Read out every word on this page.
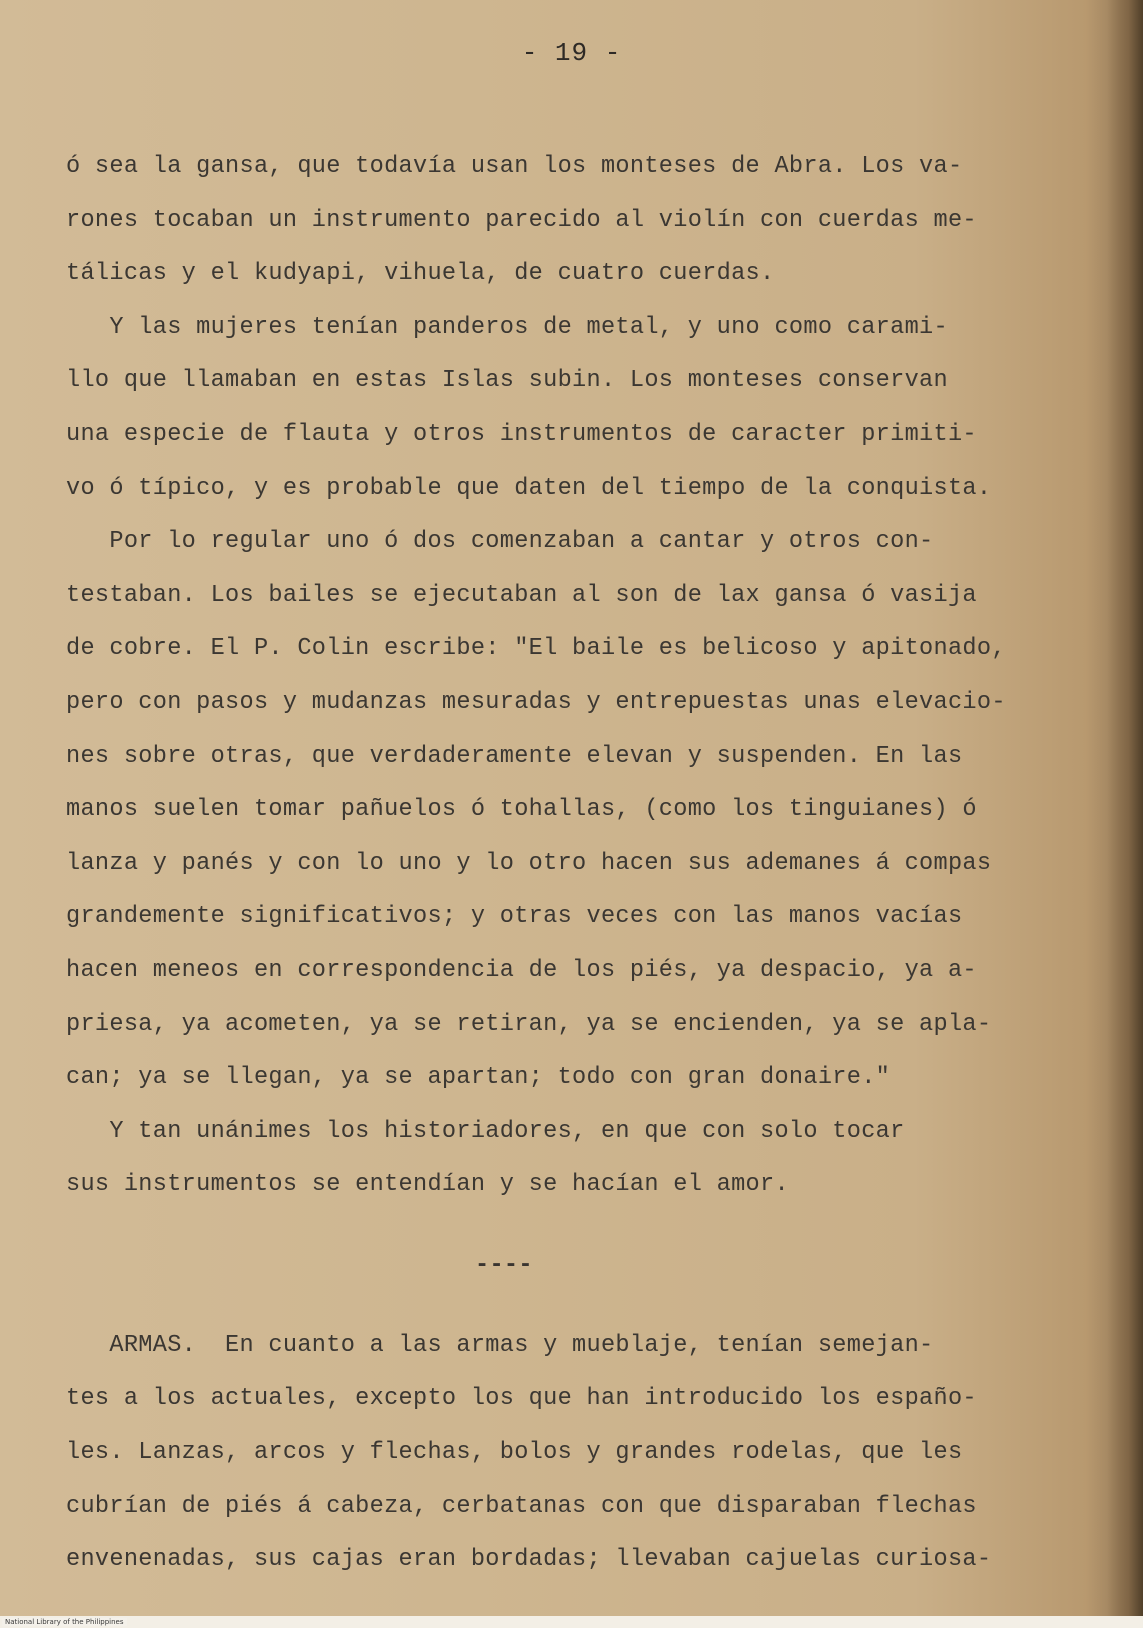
- 19 -
ó sea la gansa, que todavía usan los monteses de Abra. Los va-
rones tocaban un instrumento parecido al violín con cuerdas me-
tálicas y el kudyapi, vihuela, de cuatro cuerdas.
Y las mujeres tenían panderos de metal, y uno como carami-
llo que llamaban en estas Islas subin. Los monteses conservan
una especie de flauta y otros instrumentos de caracter primiti-
vo ó típico, y es probable que daten del tiempo de la conquista.
Por lo regular uno ó dos comenzaban a cantar y otros con-
testaban. Los bailes se ejecutaban al son de lax gansa ó vasija
de cobre. El P. Colin escribe: "El baile es belicoso y apitonado,
pero con pasos y mudanzas mesuradas y entrepuestas unas elevacio-
nes sobre otras, que verdaderamente elevan y suspenden. En las
manos suelen tomar pañuelos ó tohallas, (como los tinguianes) ó
lanza y panés y con lo uno y lo otro hacen sus ademanes á compas
grandemente significativos; y otras veces con las manos vacías
hacen meneos en correspondencia de los piés, ya despacio, ya a-
priesa, ya acometen, ya se retiran, ya se encienden, ya se apla-
can; ya se llegan, ya se apartan; todo con gran donaire."
Y tan unánimes los historiadores, en que con solo tocar
sus instrumentos se entendían y se hacían el amor.
----
ARMAS.  En cuanto a las armas y mueblaje, tenían semejan-
tes a los actuales, excepto los que han introducido los españo-
les. Lanzas, arcos y flechas, bolos y grandes rodelas, que les
cubrían de piés á cabeza, cerbatanas con que disparaban flechas
envenenadas, sus cajas eran bordadas; llevaban cajuelas curiosa-
National Library of the Philippines
